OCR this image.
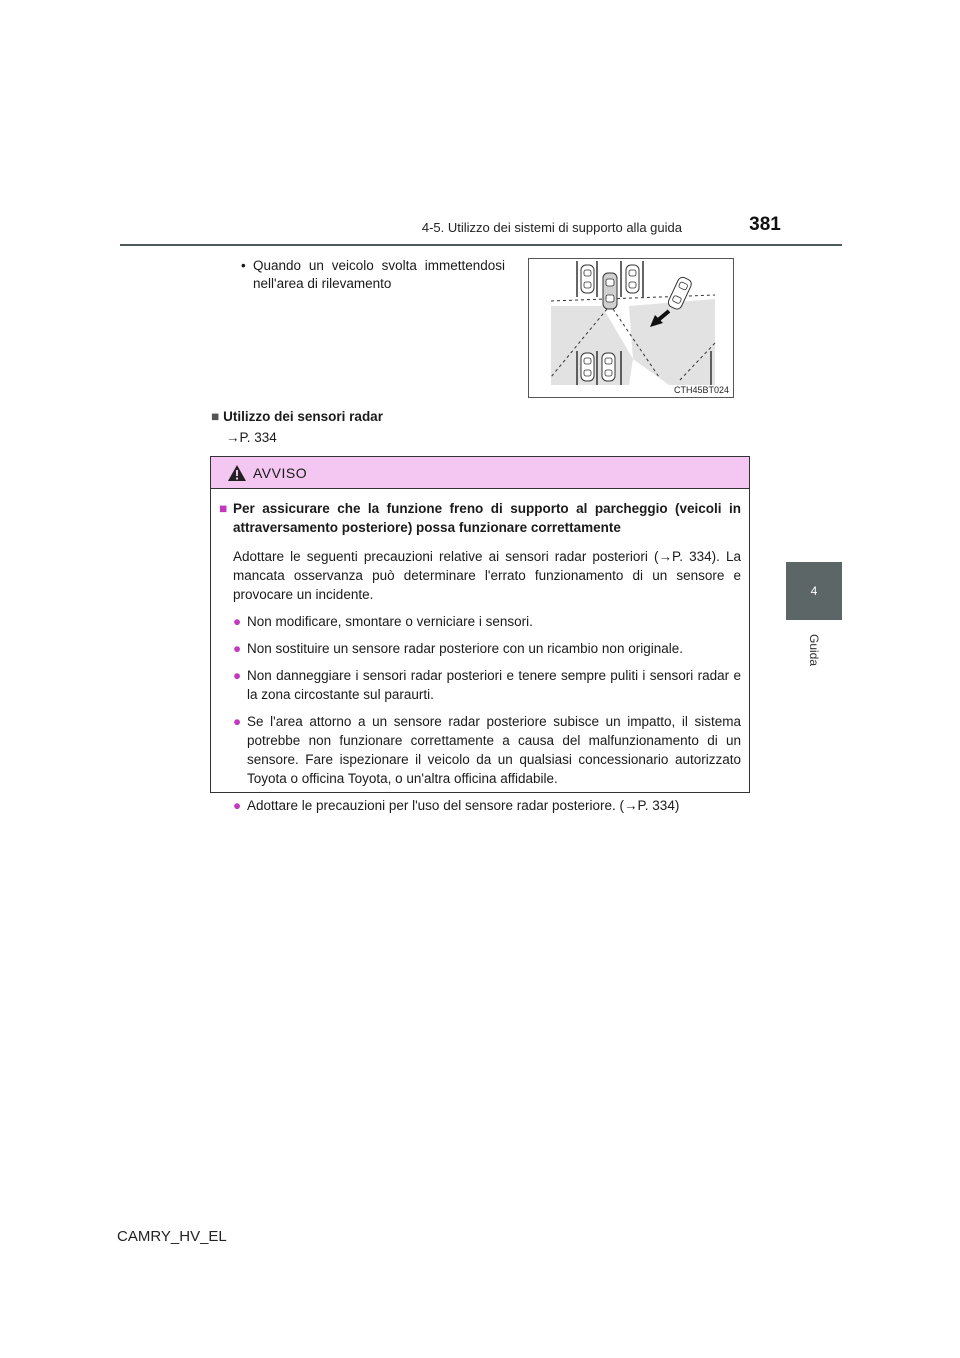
4-5. Utilizzo dei sistemi di supporto alla guida	381
4
Guida
• Quando un veicolo svolta immettendosi
nell'area di rilevamento
CTH45BT024
■ Utilizzo dei sensori radar
→P. 334
AVVISO
■ Per assicurare che la funzione freno di supporto al parcheggio (veicoli in attraversamento posteriore) possa funzionare correttamente
Adottare le seguenti precauzioni relative ai sensori radar posteriori (→P. 334). La mancata osservanza può determinare l'errato funzionamento di un sensore e provocare un incidente.
● Non modificare, smontare o verniciare i sensori.
● Non sostituire un sensore radar posteriore con un ricambio non originale.
● Non danneggiare i sensori radar posteriori e tenere sempre puliti i sensori radar e la zona circostante sul paraurti.
● Se l'area attorno a un sensore radar posteriore subisce un impatto, il sistema potrebbe non funzionare correttamente a causa del malfunzionamento di un sensore. Fare ispezionare il veicolo da un qualsiasi concessionario autorizzato Toyota o officina Toyota, o un'altra officina affidabile.
● Adottare le precauzioni per l'uso del sensore radar posteriore. (→P. 334)
CAMRY_HV_EL
